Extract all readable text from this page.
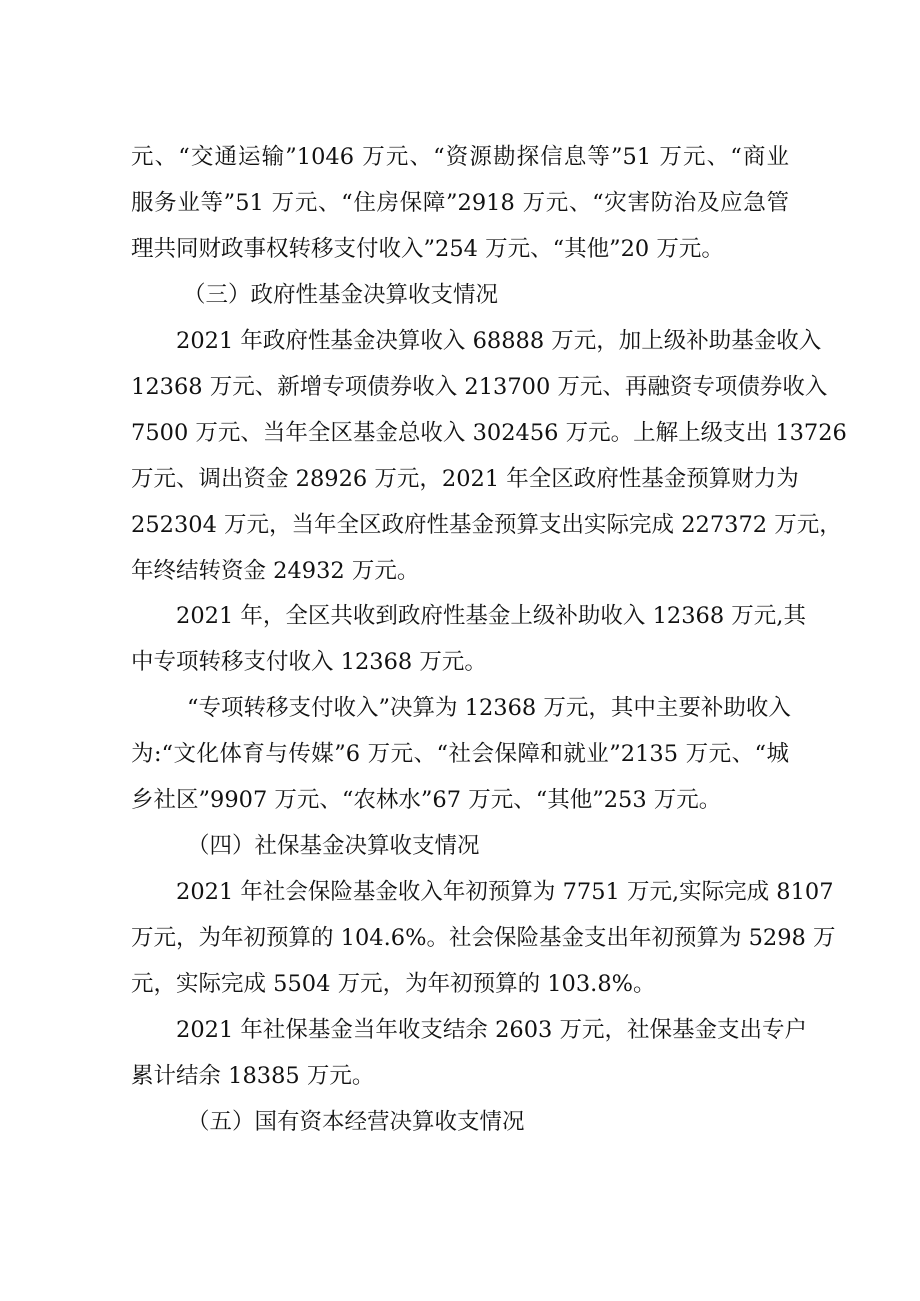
元、“交通运输”1046 万元、“资源勘探信息等”51 万元、“商业

服务业等”51 万元、“住房保障”2918 万元、“灾害防治及应急管

理共同财政事权转移支付收入”254 万元、“其他”20 万元。

（三）政府性基金决算收支情况

2021 年政府性基金决算收入 68888 万元，加上级补助基金收入

12368 万元、新增专项债券收入 213700 万元、再融资专项债券收入

7500 万元、当年全区基金总收入 302456 万元。上解上级支出 13726

万元、调出资金 28926 万元，2021 年全区政府性基金预算财力为

252304 万元，当年全区政府性基金预算支出实际完成 227372 万元，

年终结转资金 24932 万元。

2021 年，全区共收到政府性基金上级补助收入 12368 万元,其

中专项转移支付收入 12368 万元。

“专项转移支付收入”决算为 12368 万元，其中主要补助收入

为:“文化体育与传媒”6 万元、“社会保障和就业”2135 万元、“城

乡社区”9907 万元、“农林水”67 万元、“其他”253 万元。

（四）社保基金决算收支情况

2021 年社会保险基金收入年初预算为 7751 万元,实际完成 8107

万元，为年初预算的 104.6%。社会保险基金支出年初预算为 5298 万

元，实际完成 5504 万元，为年初预算的 103.8%。

2021 年社保基金当年收支结余 2603 万元，社保基金支出专户

累计结余 18385 万元。

（五）国有资本经营决算收支情况
